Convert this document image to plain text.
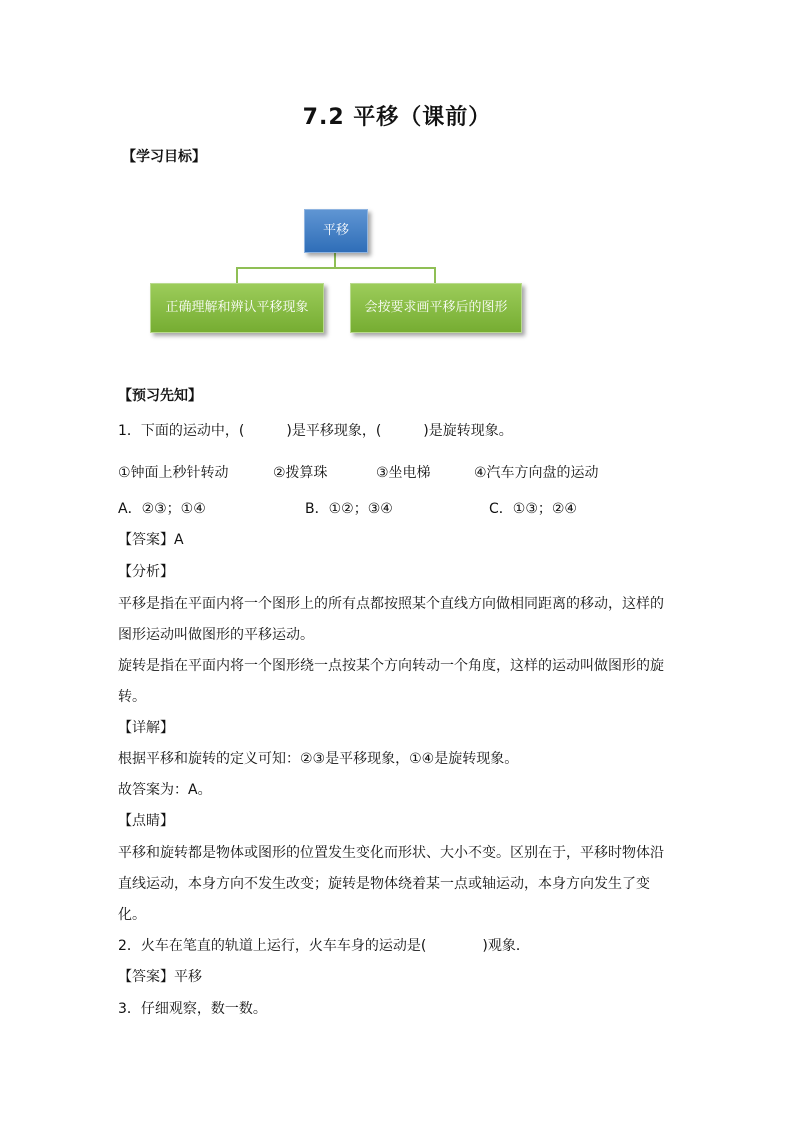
7.2 平移（课前）
【学习目标】
平移
正确理解和辨认平移现象	会按要求画平移后的图形
【预习先知】
1．下面的运动中，(　　　)是平移现象，(　　　)是旋转现象。
①钟面上秒针转动	②拨算珠	③坐电梯	④汽车方向盘的运动
A．②③；①④	B．①②；③④	C．①③；②④
【答案】A
【分析】
平移是指在平面内将一个图形上的所有点都按照某个直线方向做相同距离的移动，这样的
图形运动叫做图形的平移运动。
旋转是指在平面内将一个图形绕一点按某个方向转动一个角度，这样的运动叫做图形的旋
转。
【详解】
根据平移和旋转的定义可知：②③是平移现象，①④是旋转现象。
故答案为：A。
【点睛】
平移和旋转都是物体或图形的位置发生变化而形状、大小不变。区别在于，平移时物体沿
直线运动，本身方向不发生改变；旋转是物体绕着某一点或轴运动，本身方向发生了变
化。
2．火车在笔直的轨道上运行，火车车身的运动是(　　　　)观象．
【答案】平移
3．仔细观察，数一数。
